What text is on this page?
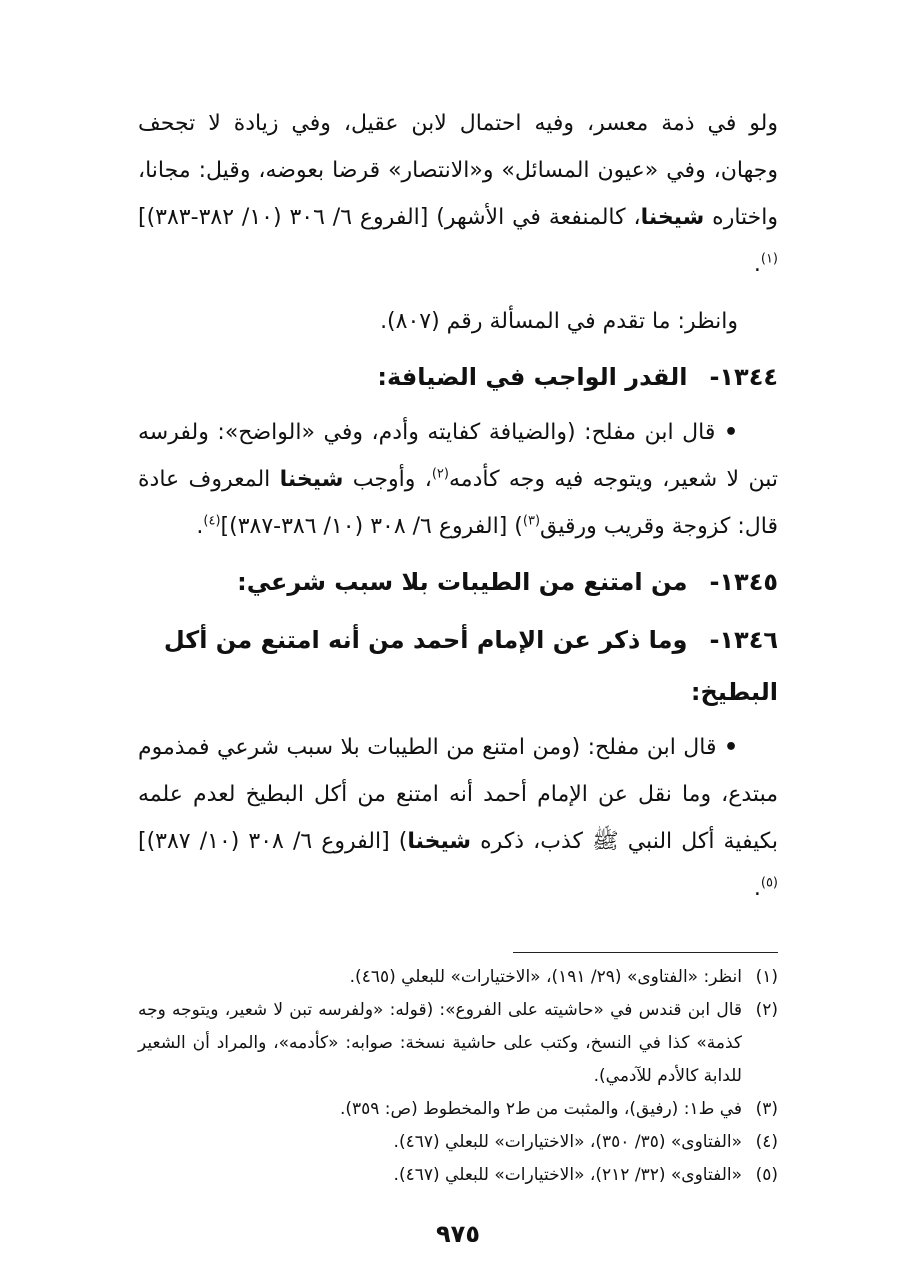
ولو في ذمة معسر، وفيه احتمال لابن عقيل، وفي زيادة لا تجحف وجهان، وفي «عيون المسائل» و«الانتصار» قرضا بعوضه، وقيل: مجانا، واختاره شيخنا، كالمنفعة في الأشهر) [الفروع ٦/ ٣٠٦ (١٠/ ٣٨٢-٣٨٣)]$^{(١)}$.

وانظر: ما تقدم في المسألة رقم (٨٠٧).

١٣٤٤-القدر الواجب في الضيافة:

• قال ابن مفلح: (والضيافة كفايته وأدم، وفي «الواضح»: ولفرسه تبن لا شعير، ويتوجه فيه وجه كأدمه$^{(٢)}$، وأوجب شيخنا المعروف عادة قال: كزوجة وقريب ورقيق$^{(٣)}$) [الفروع ٦/ ٣٠٨ (١٠/ ٣٨٦-٣٨٧)]$^{(٤)}$.

١٣٤٥-من امتنع من الطيبات بلا سبب شرعي:
١٣٤٦-وما ذكر عن الإمام أحمد من أنه امتنع من أكل البطيخ:

• قال ابن مفلح: (ومن امتنع من الطيبات بلا سبب شرعي فمذموم مبتدع، وما نقل عن الإمام أحمد أنه امتنع من أكل البطيخ لعدم علمه بكيفية أكل النبي ﷺ كذب، ذكره شيخنا) [الفروع ٦/ ٣٠٨ (١٠/ ٣٨٧)]$^{(٥)}$.

(١)
انظر: «الفتاوى» (٢٩/ ١٩١)، «الاختيارات» للبعلي (٤٦٥).
(٢)
قال ابن قندس في «حاشيته على الفروع»: (قوله: «ولفرسه تبن لا شعير، ويتوجه وجه كذمة» كذا في النسخ، وكتب على حاشية نسخة: صوابه: «كأدمه»، والمراد أن الشعير للدابة كالأدم للآدمي).
(٣)
في ط١: (رفيق)، والمثبت من ط٢ والمخطوط (ص: ٣٥٩).
(٤)
«الفتاوى» (٣٥/ ٣٥٠)، «الاختيارات» للبعلي (٤٦٧).
(٥)
«الفتاوى» (٣٢/ ٢١٢)، «الاختيارات» للبعلي (٤٦٧).
٩٧٥
